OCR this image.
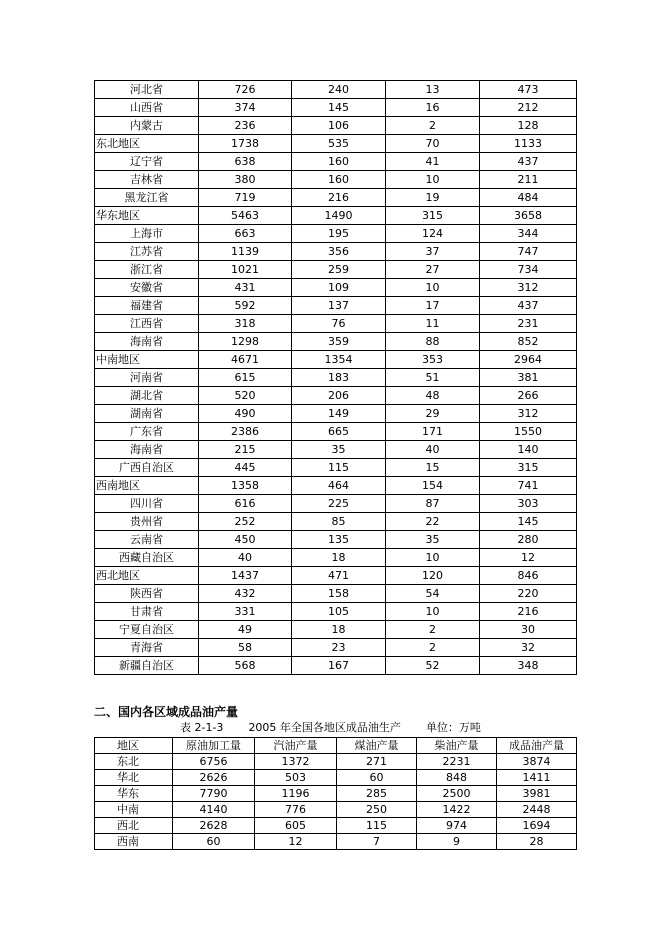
河北省	726	240	13	473
山西省	374	145	16	212
内蒙古	236	106	2	128
东北地区	1738	535	70	1133
辽宁省	638	160	41	437
吉林省	380	160	10	211
黑龙江省	719	216	19	484
华东地区	5463	1490	315	3658
上海市	663	195	124	344
江苏省	1139	356	37	747
浙江省	1021	259	27	734
安徽省	431	109	10	312
福建省	592	137	17	437
江西省	318	76	11	231
海南省	1298	359	88	852
中南地区	4671	1354	353	2964
河南省	615	183	51	381
湖北省	520	206	48	266
湖南省	490	149	29	312
广东省	2386	665	171	1550
海南省	215	35	40	140
广西自治区	445	115	15	315
西南地区	1358	464	154	741
四川省	616	225	87	303
贵州省	252	85	22	145
云南省	450	135	35	280
西藏自治区	40	18	10	12
西北地区	1437	471	120	846
陕西省	432	158	54	220
甘肃省	331	105	10	216
宁夏自治区	49	18	2	30
青海省	58	23	2	32
新疆自治区	568	167	52	348
二、国内各区域成品油产量
表 2-1-3 2005 年全国各地区成品油生产 单位：万吨
地区	原油加工量	汽油产量	煤油产量	柴油产量	成品油产量
东北	6756	1372	271	2231	3874
华北	2626	503	60	848	1411
华东	7790	1196	285	2500	3981
中南	4140	776	250	1422	2448
西北	2628	605	115	974	1694
西南	60	12	7	9	28
